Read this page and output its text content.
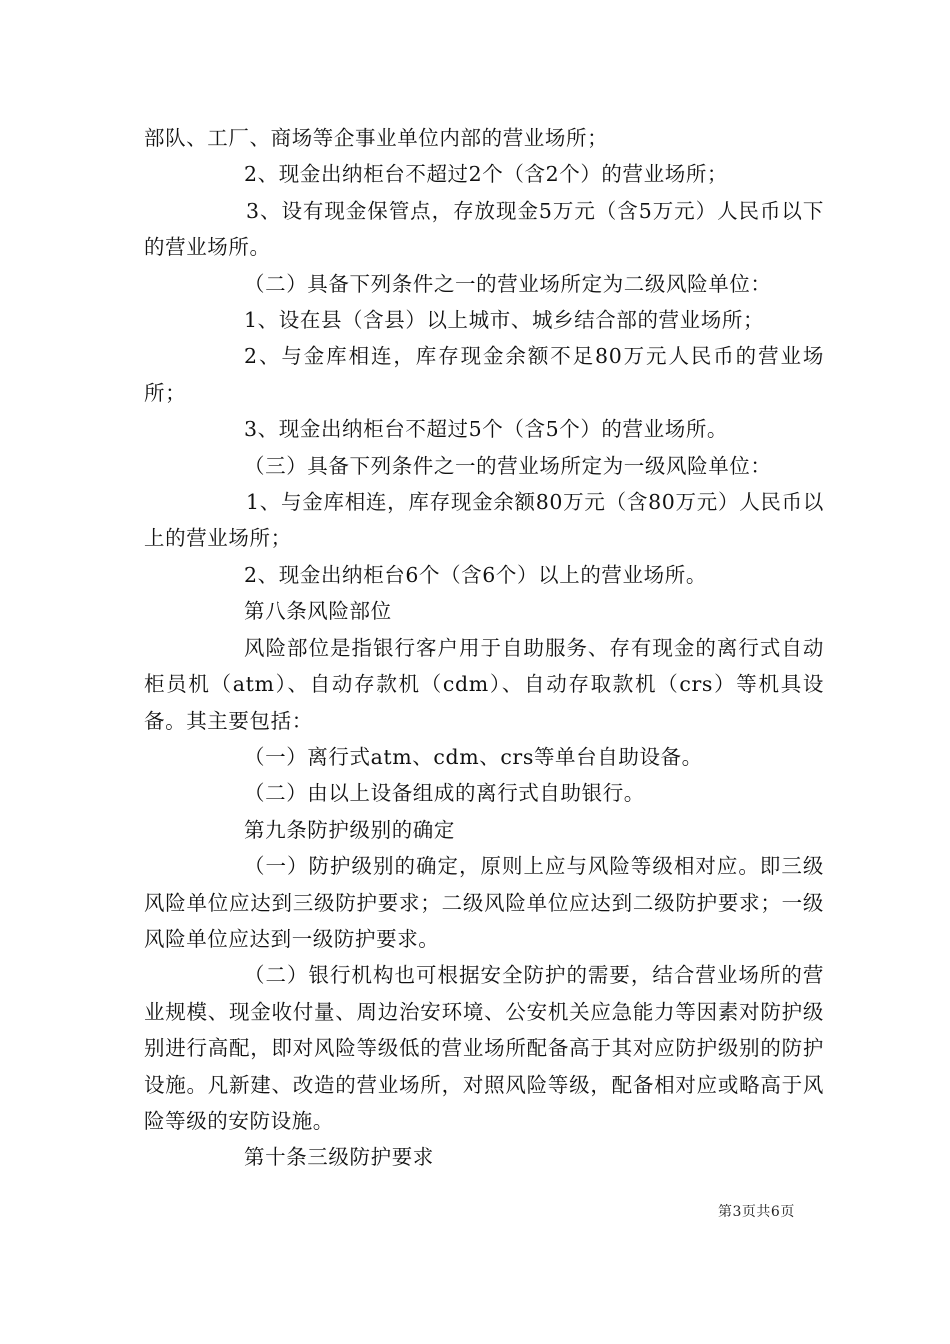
部队、工厂、商场等企事业单位内部的营业场所；

2、现金出纳柜台不超过2个（含2个）的营业场所；

3、设有现金保管点，存放现金5万元（含5万元）人民币以下的营业场所。

（二）具备下列条件之一的营业场所定为二级风险单位：

1、设在县（含县）以上城市、城乡结合部的营业场所；

2、与金库相连，库存现金余额不足80万元人民币的营业场所；

3、现金出纳柜台不超过5个（含5个）的营业场所。

（三）具备下列条件之一的营业场所定为一级风险单位：

1、与金库相连，库存现金余额80万元（含80万元）人民币以上的营业场所；

2、现金出纳柜台6个（含6个）以上的营业场所。

第八条风险部位

风险部位是指银行客户用于自助服务、存有现金的离行式自动柜员机（atm）、自动存款机（cdm）、自动存取款机（crs）等机具设备。其主要包括：

（一）离行式atm、cdm、crs等单台自助设备。

（二）由以上设备组成的离行式自助银行。

第九条防护级别的确定

（一）防护级别的确定，原则上应与风险等级相对应。即三级风险单位应达到三级防护要求；二级风险单位应达到二级防护要求；一级风险单位应达到一级防护要求。

（二）银行机构也可根据安全防护的需要，结合营业场所的营业规模、现金收付量、周边治安环境、公安机关应急能力等因素对防护级别进行高配，即对风险等级低的营业场所配备高于其对应防护级别的防护设施。凡新建、改造的营业场所，对照风险等级，配备相对应或略高于风险等级的安防设施。

第十条三级防护要求

第3页共6页
